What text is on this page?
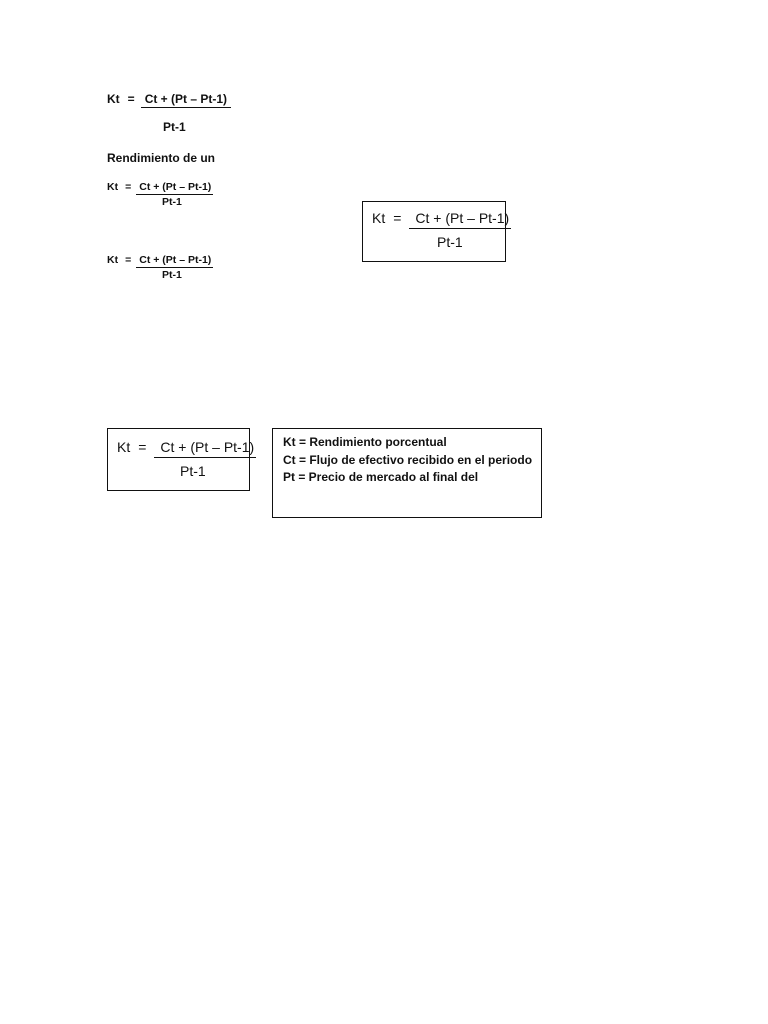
Kt = Ct + (Pt – Pt-1)
Pt-1
Rendimiento de un
Kt = Ct + (Pt – Pt-1)
Pt-1
Kt = Ct + (Pt – Pt-1)
Pt-1
Kt =	Ct + (Pt – Pt-1)
Pt-1
Kt =	Ct + (Pt – Pt-1)
Pt-1
Kt = Rendimiento porcentual
Ct = Flujo de efectivo recibido en el periodo
Pt = Precio de mercado al final del
